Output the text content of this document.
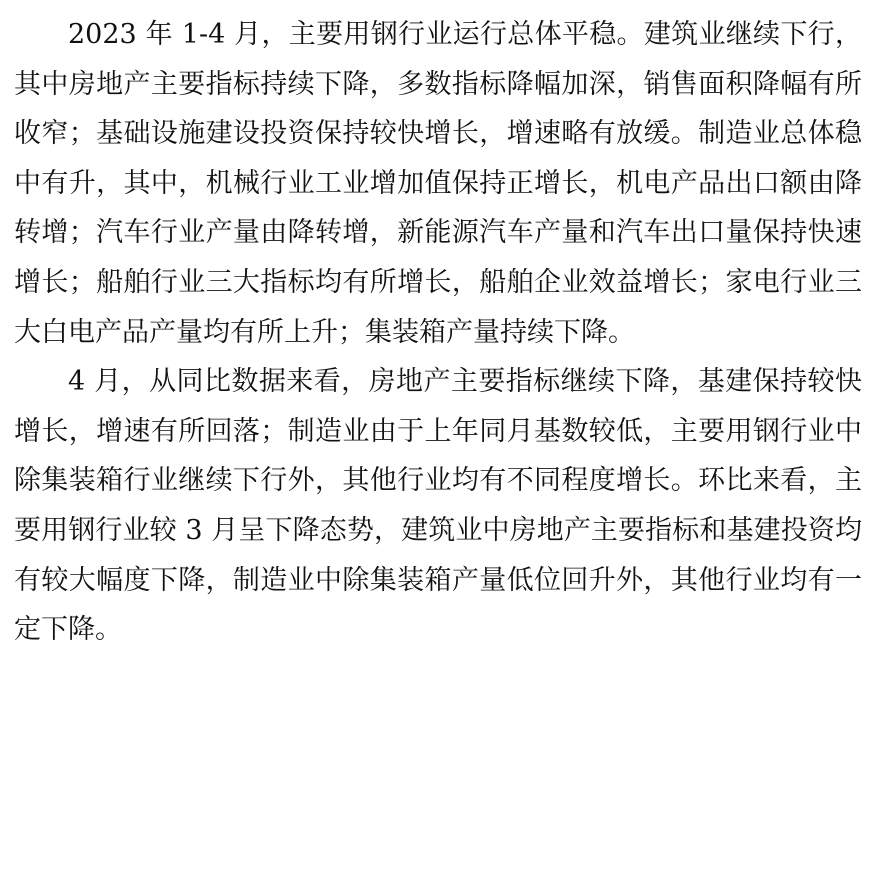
2023 年 1-4 月，主要用钢行业运行总体平稳。建筑业继续下行，其中房地产主要指标持续下降，多数指标降幅加深，销售面积降幅有所收窄；基础设施建设投资保持较快增长，增速略有放缓。制造业总体稳中有升，其中，机械行业工业增加值保持正增长，机电产品出口额由降转增；汽车行业产量由降转增，新能源汽车产量和汽车出口量保持快速增长；船舶行业三大指标均有所增长，船舶企业效益增长；家电行业三大白电产品产量均有所上升；集装箱产量持续下降。

4 月，从同比数据来看，房地产主要指标继续下降，基建保持较快增长，增速有所回落；制造业由于上年同月基数较低，主要用钢行业中除集装箱行业继续下行外，其他行业均有不同程度增长。环比来看，主要用钢行业较 3 月呈下降态势，建筑业中房地产主要指标和基建投资均有较大幅度下降，制造业中除集装箱产量低位回升外，其他行业均有一定下降。
